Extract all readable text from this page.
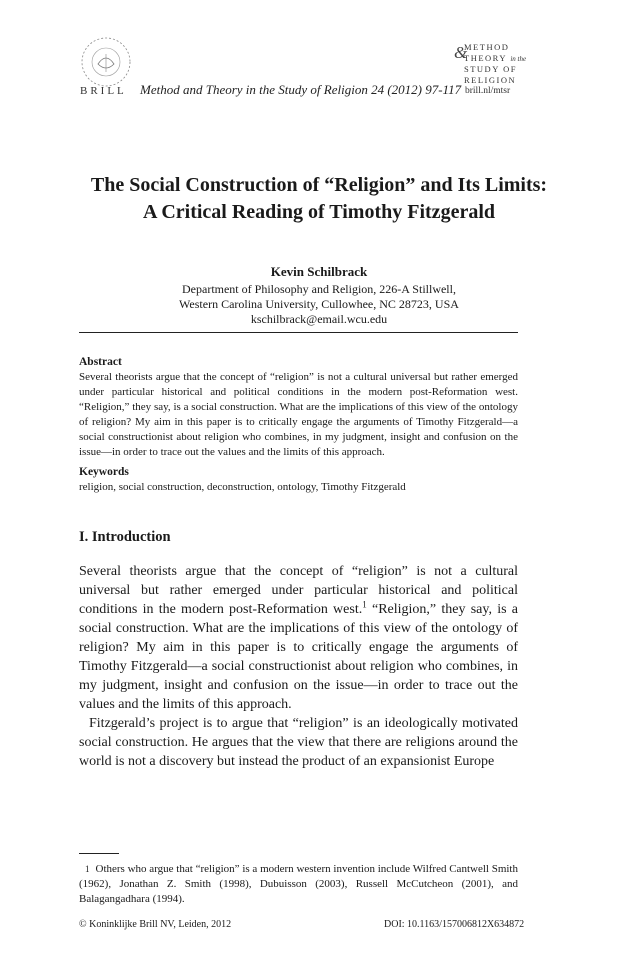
BRILL Method and Theory in the Study of Religion 24 (2012) 97-117
&
METHOD
THEORY in the
STUDY OF
RELIGION
brill.nl/mtsr
The Social Construction of “Religion” and Its Limits:
A Critical Reading of Timothy Fitzgerald
Kevin Schilbrack
Department of Philosophy and Religion, 226-A Stillwell,
Western Carolina University, Cullowhee, NC 28723, USA
kschilbrack@email.wcu.edu
Abstract
Several theorists argue that the concept of “religion” is not a cultural universal but rather emerged under particular historical and political conditions in the modern post-Reformation west. “Religion,” they say, is a social construction. What are the implications of this view of the ontology of religion? My aim in this paper is to critically engage the arguments of Timothy Fitzgerald—a social constructionist about religion who combines, in my judgment, insight and confusion on the issue—in order to trace out the values and the limits of this approach.
Keywords
religion, social construction, deconstruction, ontology, Timothy Fitzgerald
I. Introduction

Several theorists argue that the concept of “religion” is not a cultural universal but rather emerged under particular historical and political conditions in the modern post-Reformation west.$^1$ “Religion,” they say, is a social construction. What are the implications of this view of the ontology of religion? My aim in this paper is to critically engage the arguments of Timothy Fitzgerald—a social constructionist about religion who combines, in my judgment, insight and confusion on the issue—in order to trace out the values and the limits of this approach.

Fitzgerald’s project is to argue that “religion” is an ideologically motivated social construction. He argues that the view that there are religions around the world is not a discovery but instead the product of an expansionist Europe

$^1$ Others who argue that “religion” is a modern western invention include Wilfred Cantwell Smith (1962), Jonathan Z. Smith (1998), Dubuisson (2003), Russell McCutcheon (2001), and Balagangadhara (1994).
© Koninklijke Brill NV, Leiden, 2012	DOI: 10.1163/157006812X634872
